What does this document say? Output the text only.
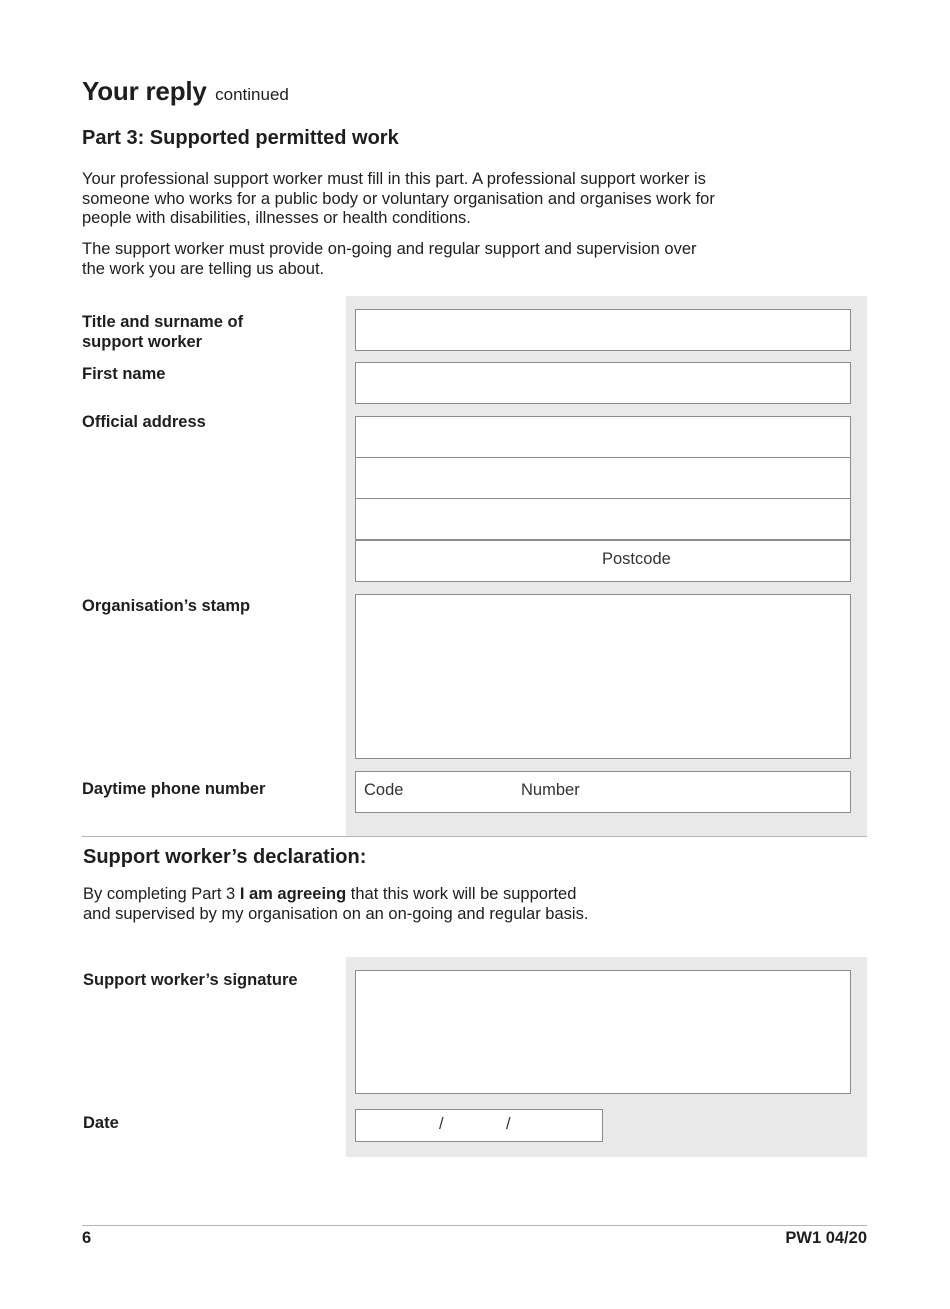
Your reply continued
Part 3: Supported permitted work

Your professional support worker must fill in this part. A professional support worker is someone who works for a public body or voluntary organisation and organises work for people with disabilities, illnesses or health conditions.

The support worker must provide on-going and regular support and supervision over the work you are telling us about.

Title and surname of
support worker
First name
Official address
Postcode
Organisation’s stamp
Daytime phone number	Code	Number
Support worker’s declaration:

By completing Part 3 I am agreeing that this work will be supported
and supervised by my organisation on an on-going and regular basis.

Support worker’s signature
Date	/	/
6	PW1 04/20
